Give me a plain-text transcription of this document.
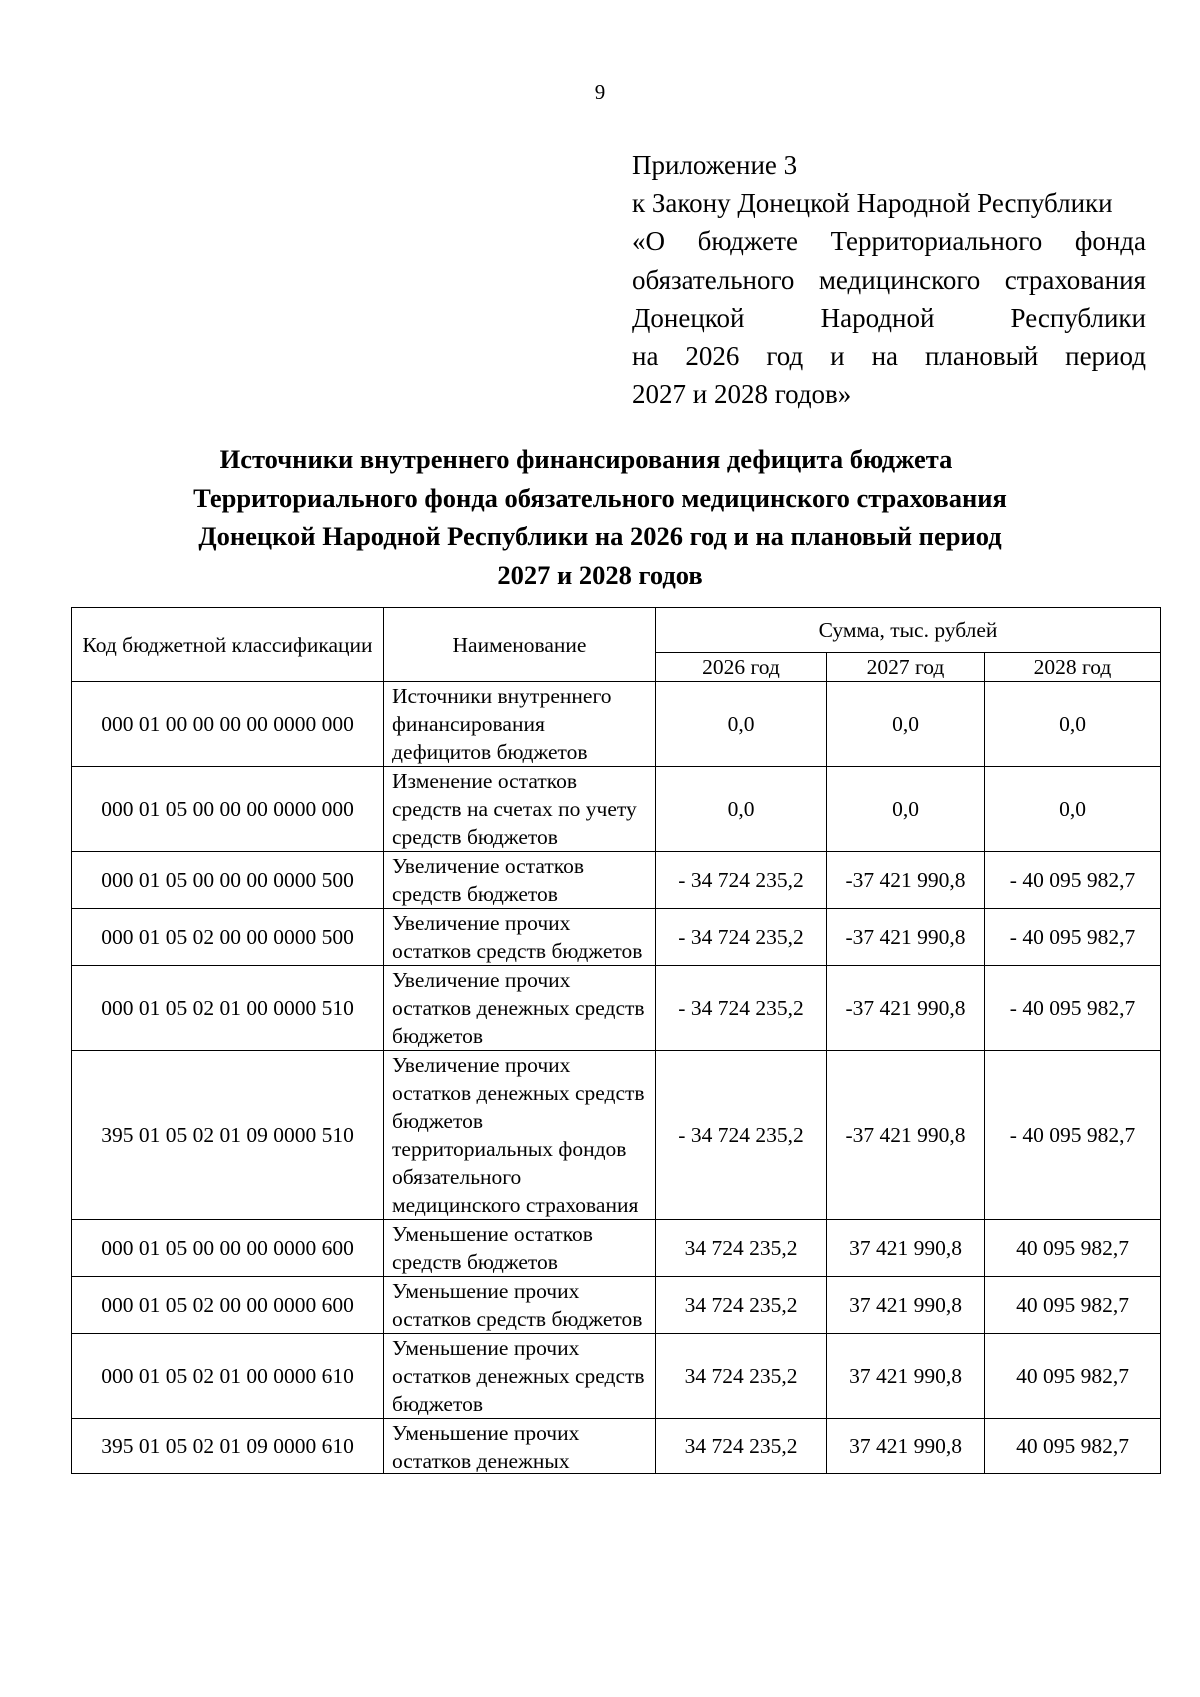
9
Приложение 3
к Закону Донецкой Народной Республики
«О бюджете Территориального фонда
обязательного медицинского страхования
Донецкой	Народной	Республики
на 2026 год и на плановый период
2027 и 2028 годов»
Источники внутреннего финансирования дефицита бюджета
Территориального фонда обязательного медицинского страхования
Донецкой Народной Республики на 2026 год и на плановый период
2027 и 2028 годов
Код бюджетной классификации	Наименование	Сумма, тыс. рублей		
		2026 год	2027 год	2028 год
000 01 00 00 00 00 0000 000	Источники внутреннего финансирования дефицитов бюджетов	0,0	0,0	0,0
000 01 05 00 00 00 0000 000	Изменение остатков средств на счетах по учету средств бюджетов	0,0	0,0	0,0
000 01 05 00 00 00 0000 500	Увеличение остатков средств бюджетов	- 34 724 235,2	-37 421 990,8	- 40 095 982,7
000 01 05 02 00 00 0000 500	Увеличение прочих остатков средств бюджетов	- 34 724 235,2	-37 421 990,8	- 40 095 982,7
000 01 05 02 01 00 0000 510	Увеличение прочих остатков денежных средств бюджетов	- 34 724 235,2	-37 421 990,8	- 40 095 982,7
395 01 05 02 01 09 0000 510	Увеличение прочих остатков денежных средств бюджетов территориальных фондов обязательного медицинского страхования	- 34 724 235,2	-37 421 990,8	- 40 095 982,7
000 01 05 00 00 00 0000 600	Уменьшение остатков средств бюджетов	34 724 235,2	37 421 990,8	40 095 982,7
000 01 05 02 00 00 0000 600	Уменьшение прочих остатков средств бюджетов	34 724 235,2	37 421 990,8	40 095 982,7
000 01 05 02 01 00 0000 610	Уменьшение прочих остатков денежных средств бюджетов	34 724 235,2	37 421 990,8	40 095 982,7
395 01 05 02 01 09 0000 610	Уменьшение прочих остатков денежных	34 724 235,2	37 421 990,8	40 095 982,7
